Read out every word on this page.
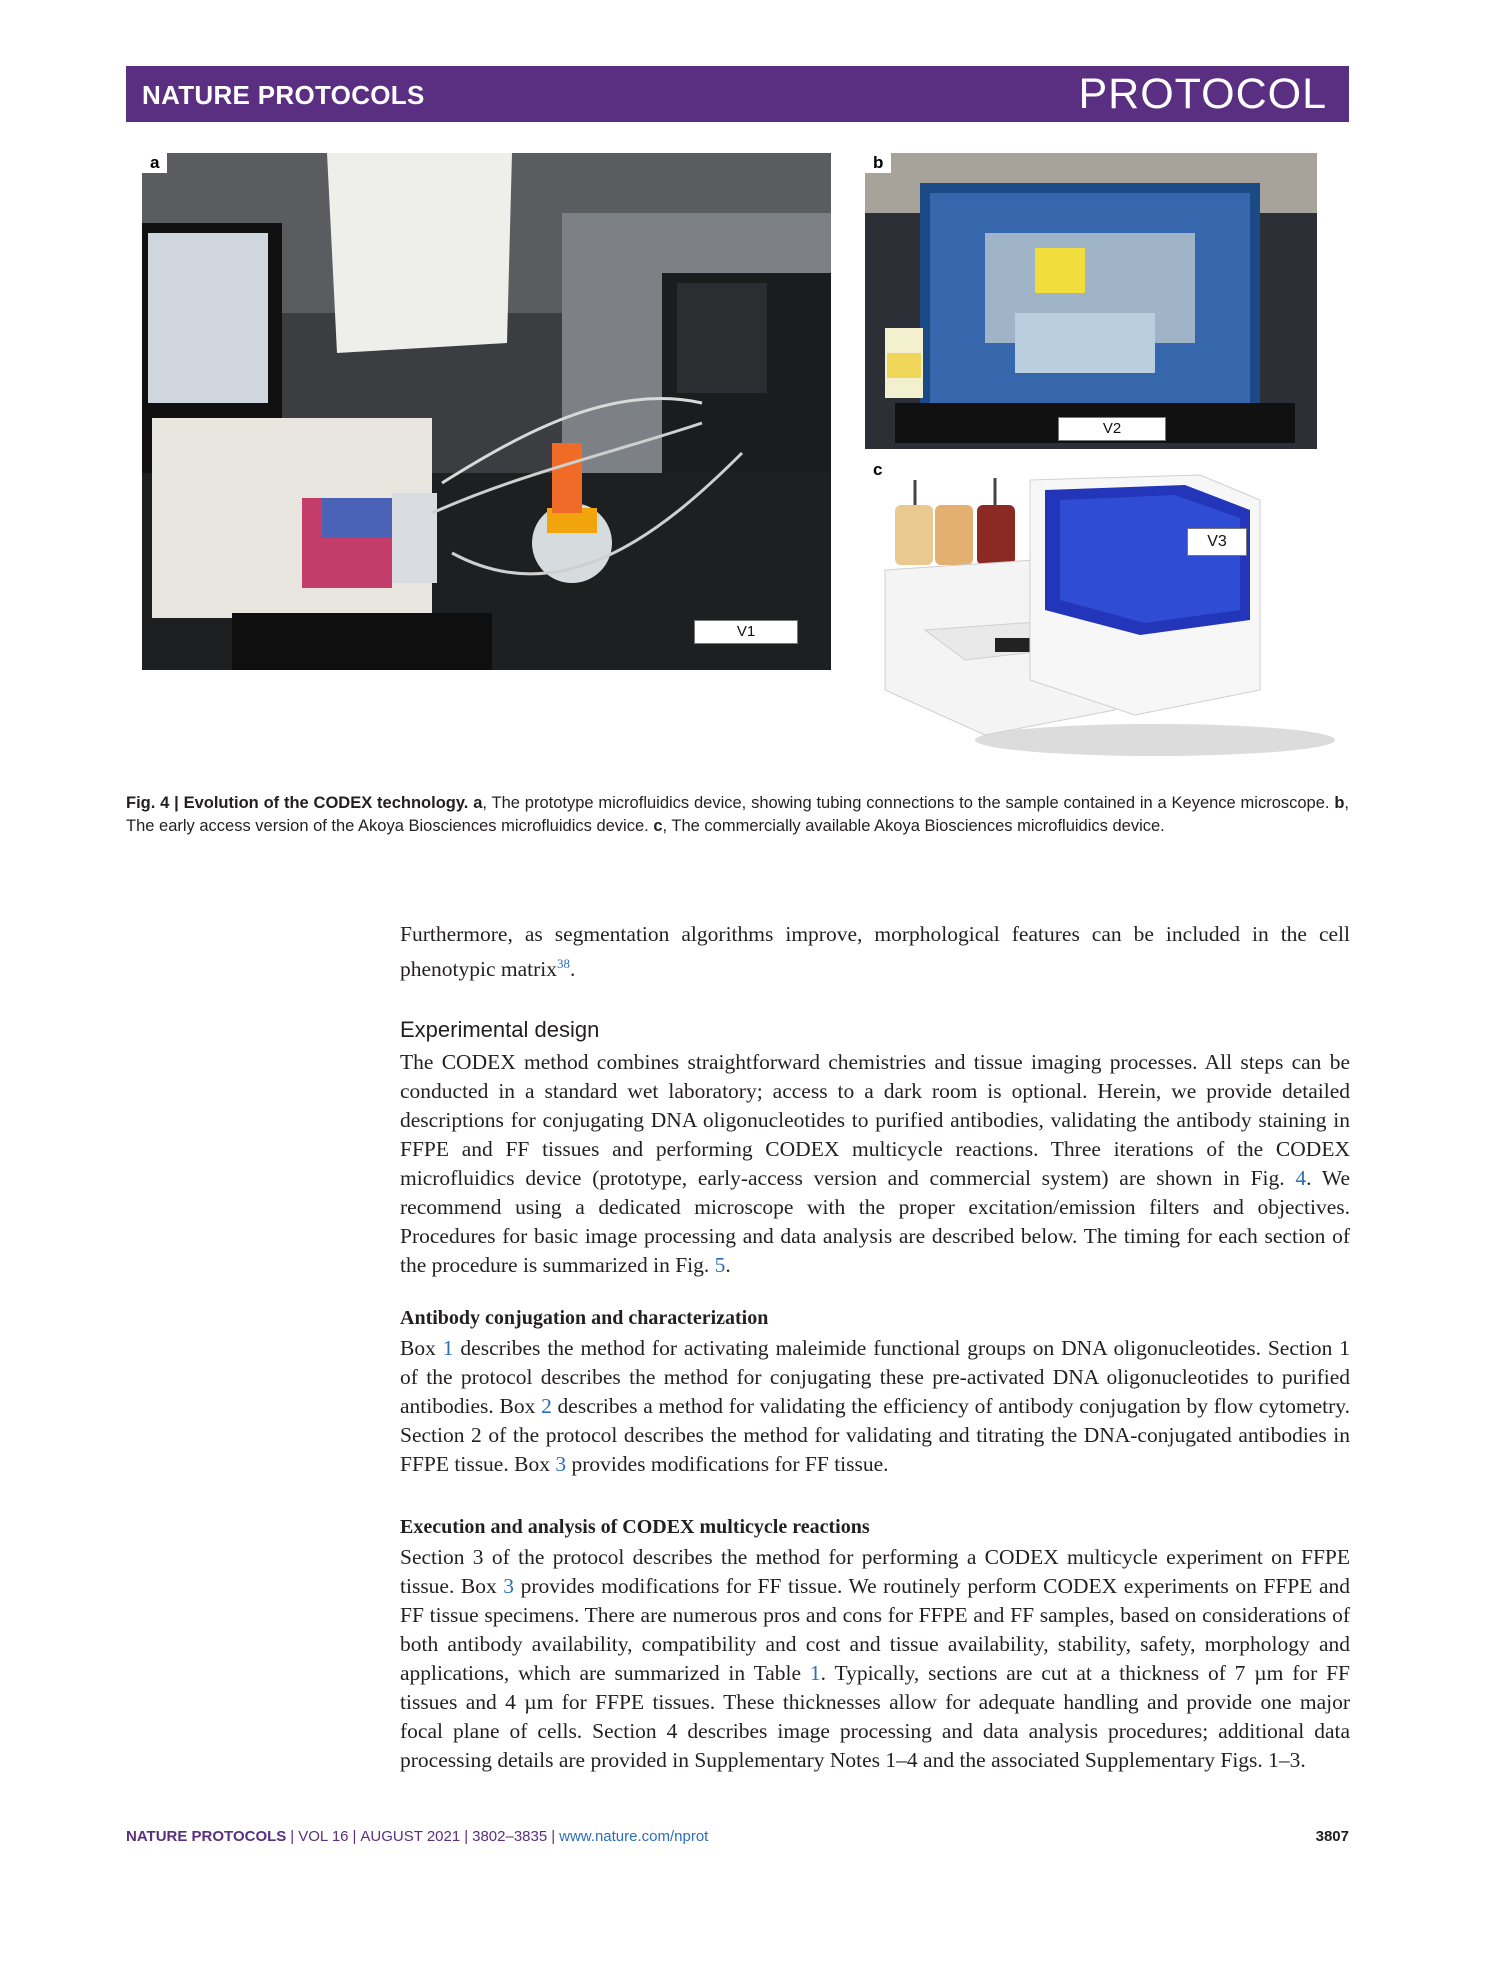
NATURE PROTOCOLS	PROTOCOL
a
V1
b
V2
c
V3
Fig. 4 | Evolution of the CODEX technology. a, The prototype microfluidics device, showing tubing connections to the sample contained in a Keyence microscope. b, The early access version of the Akoya Biosciences microfluidics device. c, The commercially available Akoya Biosciences microfluidics device.
Furthermore, as segmentation algorithms improve, morphological features can be included in the cell phenotypic matrix$^{38}$.
Experimental design
The CODEX method combines straightforward chemistries and tissue imaging processes. All steps can be conducted in a standard wet laboratory; access to a dark room is optional. Herein, we provide detailed descriptions for conjugating DNA oligonucleotides to purified antibodies, validating the antibody staining in FFPE and FF tissues and performing CODEX multicycle reactions. Three iterations of the CODEX microfluidics device (prototype, early-access version and commercial system) are shown in Fig. 4. We recommend using a dedicated microscope with the proper excitation/emission filters and objectives. Procedures for basic image processing and data analysis are described below. The timing for each section of the procedure is summarized in Fig. 5.
Antibody conjugation and characterization
Box 1 describes the method for activating maleimide functional groups on DNA oligonucleotides. Section 1 of the protocol describes the method for conjugating these pre-activated DNA oligonucleotides to purified antibodies. Box 2 describes a method for validating the efficiency of antibody conjugation by flow cytometry. Section 2 of the protocol describes the method for validating and titrating the DNA-conjugated antibodies in FFPE tissue. Box 3 provides modifications for FF tissue.
Execution and analysis of CODEX multicycle reactions
Section 3 of the protocol describes the method for performing a CODEX multicycle experiment on FFPE tissue. Box 3 provides modifications for FF tissue. We routinely perform CODEX experiments on FFPE and FF tissue specimens. There are numerous pros and cons for FFPE and FF samples, based on considerations of both antibody availability, compatibility and cost and tissue availability, stability, safety, morphology and applications, which are summarized in Table 1. Typically, sections are cut at a thickness of 7 µm for FF tissues and 4 µm for FFPE tissues. These thicknesses allow for adequate handling and provide one major focal plane of cells. Section 4 describes image processing and data analysis procedures; additional data processing details are provided in Supplementary Notes 1–4 and the associated Supplementary Figs. 1–3.
NATURE PROTOCOLS | VOL 16 | AUGUST 2021 | 3802–3835 | www.nature.com/nprot	3807
